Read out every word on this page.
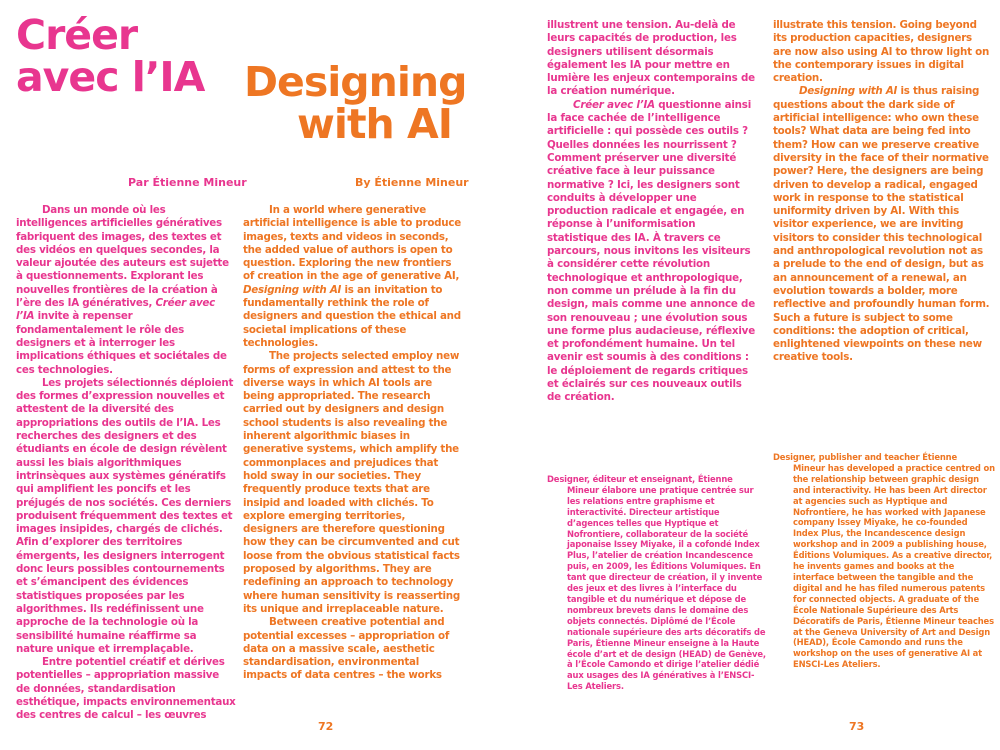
Créer
avec l’IA Designing
with AI

Par Étienne Mineur	By Étienne Mineur

Dans un monde où les intelligences artificielles génératives fabriquent des images, des textes et des vidéos en quelques secondes, la valeur ajoutée des auteurs est sujette à questionnements. Explorant les nouvelles frontières de la création à l’ère des IA génératives, Créer avec l’IA invite à repenser fondamentalement le rôle des designers et à interroger les implications éthiques et sociétales de ces technologies.

Les projets sélectionnés déploient des formes d’expression nouvelles et attestent de la diversité des appropriations des outils de l’IA. Les recherches des designers et des étudiants en école de design révèlent aussi les biais algorithmiques intrinsèques aux systèmes génératifs qui amplifient les poncifs et les préjugés de nos sociétés. Ces derniers produisent fréquemment des textes et images insipides, chargés de clichés. Afin d’explorer des territoires émergents, les designers interrogent donc leurs possibles contournements et s’émancipent des évidences statistiques proposées par les algorithmes. Ils redéfinissent une approche de la technologie où la sensibilité humaine réaffirme sa nature unique et irremplaçable.

Entre potentiel créatif et dérives potentielles – appropriation massive de données, standardisation esthétique, impacts environnementaux des centres de calcul – les œuvres

In a world where generative artificial intelligence is able to produce images, texts and videos in seconds, the added value of authors is open to question. Exploring the new frontiers of creation in the age of generative AI, Designing with AI is an invitation to fundamentally rethink the role of designers and question the ethical and societal implications of these technologies.

The projects selected employ new forms of expression and attest to the diverse ways in which AI tools are being appropriated. The research carried out by designers and design school students is also revealing the inherent algorithmic biases in generative systems, which amplify the commonplaces and prejudices that hold sway in our societies. They frequently produce texts that are insipid and loaded with clichés. To explore emerging territories, designers are therefore questioning how they can be circumvented and cut loose from the obvious statistical facts proposed by algorithms. They are redefining an approach to technology where human sensitivity is reasserting its unique and irreplaceable nature.

Between creative potential and potential excesses – appropriation of data on a massive scale, aesthetic standardisation, environmental impacts of data centres – the works

72

illustrent une tension. Au-delà de leurs capacités de production, les designers utilisent désormais également les IA pour mettre en lumière les enjeux contemporains de la création numérique.

Créer avec l’IA questionne ainsi la face cachée de l’intelligence artificielle : qui possède ces outils ? Quelles données les nourrissent ? Comment préserver une diversité créative face à leur puissance normative ? Ici, les designers sont conduits à développer une production radicale et engagée, en réponse à l’uniformisation statistique des IA. À travers ce parcours, nous invitons les visiteurs à considérer cette révolution technologique et anthropologique, non comme un prélude à la fin du design, mais comme une annonce de son renouveau ; une évolution sous une forme plus audacieuse, réflexive et profondément humaine. Un tel avenir est soumis à des conditions : le déploiement de regards critiques et éclairés sur ces nouveaux outils de création.

illustrate this tension. Going beyond its production capacities, designers are now also using AI to throw light on the contemporary issues in digital creation.

Designing with AI is thus raising questions about the dark side of artificial intelligence: who own these tools? What data are being fed into them? How can we preserve creative diversity in the face of their normative power? Here, the designers are being driven to develop a radical, engaged work in response to the statistical uniformity driven by AI. With this visitor experience, we are inviting visitors to consider this technological and anthropological revolution not as a prelude to the end of design, but as an announcement of a renewal, an evolution towards a bolder, more reflective and profoundly human form. Such a future is subject to some conditions: the adoption of critical, enlightened viewpoints on these new creative tools.

Designer, éditeur et enseignant, Étienne
Mineur élabore une pratique centrée sur les relations entre graphisme et interactivité. Directeur artistique d’agences telles que Hyptique et Nofrontiere, collaborateur de la société japonaise Issey Miyake, il a cofondé Index Plus, l’atelier de création Incandescence puis, en 2009, les Éditions Volumiques. En tant que directeur de création, il y invente des jeux et des livres à l’interface du tangible et du numérique et dépose de nombreux brevets dans le domaine des objets connectés. Diplômé de l’École nationale supérieure des arts décoratifs de Paris, Étienne Mineur enseigne à la Haute école d’art et de design (HEAD) de Genève, à l’École Camondo et dirige l’atelier dédié aux usages des IA génératives à l’ENSCI-Les Ateliers.
Designer, publisher and teacher Étienne
Mineur has developed a practice centred on the relationship between graphic design and interactivity. He has been Art director at agencies such as Hyptique and Nofrontiere, he has worked with Japanese company Issey Miyake, he co-founded Index Plus, the Incandescence design workshop and in 2009 a publishing house, Éditions Volumiques. As a creative director, he invents games and books at the interface between the tangible and the digital and he has filed numerous patents for connected objects. A graduate of the École Nationale Supérieure des Arts Décoratifs de Paris, Étienne Mineur teaches at the Geneva University of Art and Design (HEAD), École Camondo and runs the workshop on the uses of generative AI at ENSCI-Les Ateliers.

73
